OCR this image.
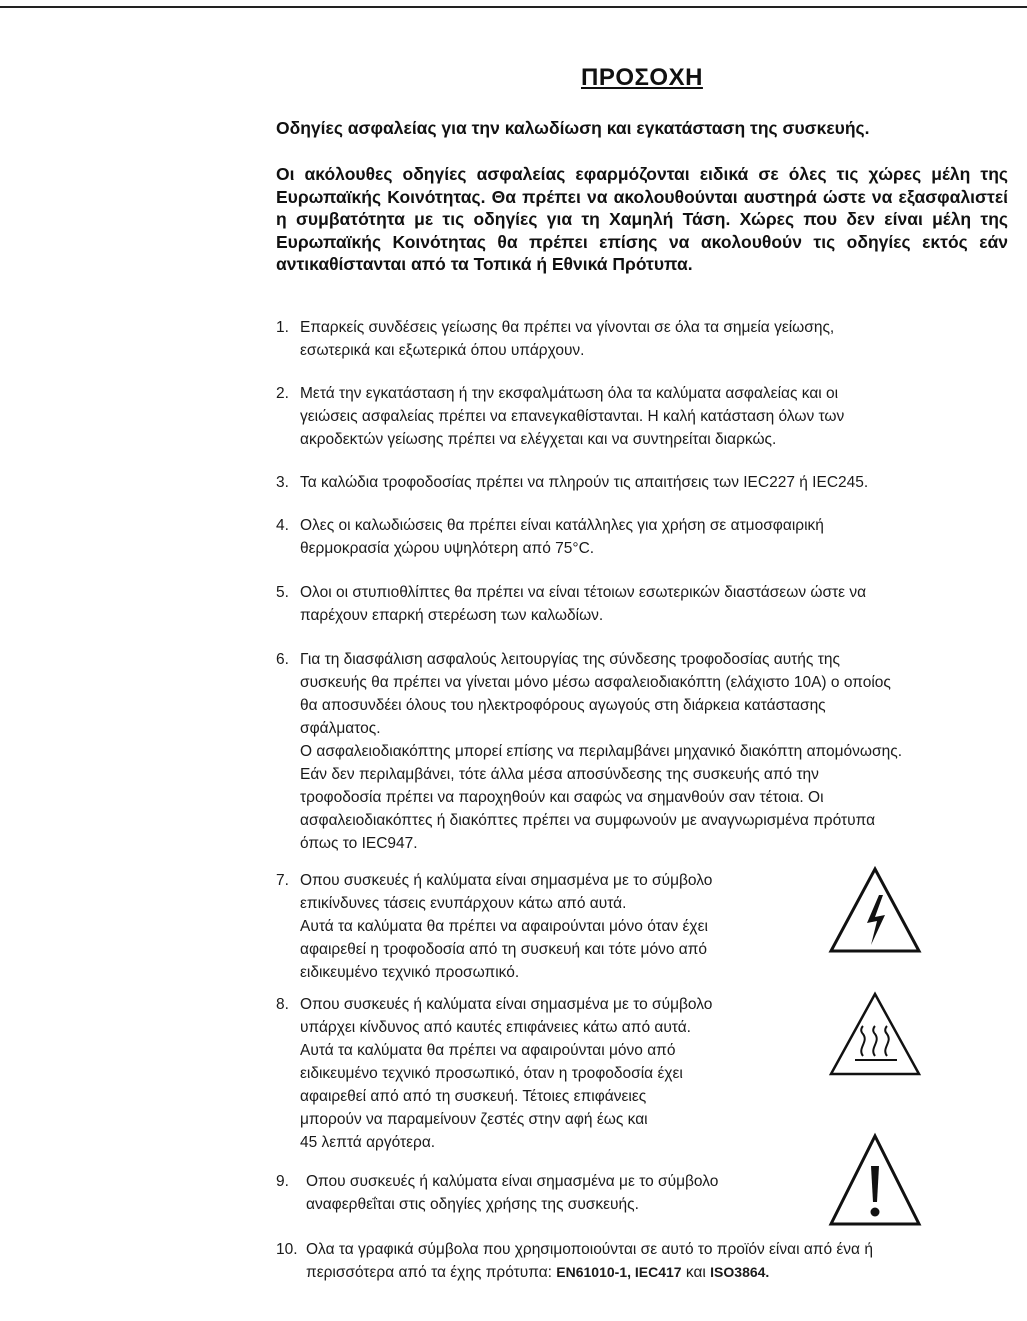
ΠΡΟΣΟΧΗ
Οδηγίες ασφαλείας για την καλωδίωση και εγκατάσταση της συσκευής.
Οι ακόλουθες οδηγίες ασφαλείας εφαρμόζονται ειδικά σε όλες τις χώρες μέλη της Ευρωπαϊκής Κοινότητας. Θα πρέπει να ακολουθούνται αυστηρά ώστε να εξασφαλιστεί η συμβατότητα με τις οδηγίες για τη Χαμηλή Τάση. Χώρες που δεν είναι μέλη της Ευρωπαϊκής Κοινότητας θα πρέπει επίσης να ακολουθούν τις οδηγίες εκτός εάν αντικαθίστανται από τα Τοπικά ή Εθνικά Πρότυπα.
1. Επαρκείς συνδέσεις γείωσης θα πρέπει να γίνονται σε όλα τα σημεία γείωσης,
εσωτερικά και εξωτερικά όπου υπάρχουν.
2. Μετά την εγκατάσταση ή την εκσφαλμάτωση όλα τα καλύματα ασφαλείας και οι
γειώσεις ασφαλείας πρέπει να επανεγκαθίστανται. Η καλή κατάσταση όλων των
ακροδεκτών γείωσης πρέπει να ελέγχεται και να συντηρείται διαρκώς.
3. Τα καλώδια τροφοδοσίας πρέπει να πληρούν τις απαιτήσεις των IEC227 ή IEC245.
4. Ολες οι καλωδιώσεις θα πρέπει είναι κατάλληλες για χρήση σε ατμοσφαιρική
θερμοκρασία χώρου υψηλότερη από 75°C.
5. Ολοι οι στυπιοθλίπτες θα πρέπει να είναι τέτοιων εσωτερικών διαστάσεων ώστε να
παρέχουν επαρκή στερέωση των καλωδίων.
6. Για τη διασφάλιση ασφαλούς λειτουργίας της σύνδεσης τροφοδοσίας αυτής της
συσκευής θα πρέπει να γίνεται μόνο μέσω ασφαλειοδιακόπτη (ελάχιστο 10A) ο οποίος
θα αποσυνδέει όλους του ηλεκτροφόρους αγωγούς στη διάρκεια κατάστασης
σφάλματος.
Ο ασφαλειοδιακόπτης μπορεί επίσης να περιλαμβάνει μηχανικό διακόπτη απομόνωσης.
Εάν δεν περιλαμβάνει, τότε άλλα μέσα αποσύνδεσης της συσκευής από την
τροφοδοσία πρέπει να παροχηθούν και σαφώς να σημανθούν σαν τέτοια. Οι
ασφαλειοδιακόπτες ή διακόπτες πρέπει να συμφωνούν με αναγνωρισμένα πρότυπα
όπως το IEC947.
7. Οπου συσκευές ή καλύματα είναι σημασμένα με το σύμβολο
επικίνδυνες τάσεις ενυπάρχουν κάτω από αυτά.
Αυτά τα καλύματα θα πρέπει να αφαιρούνται μόνο όταν έχει
αφαιρεθεί η τροφοδοσία από τη συσκευή και τότε μόνο από
ειδικευμένο τεχνικό προσωπικό.
8. Οπου συσκευές ή καλύματα είναι σημασμένα με το σύμβολο
υπάρχει κίνδυνος από καυτές επιφάνειες κάτω από αυτά.
Αυτά τα καλύματα θα πρέπει να αφαιρούνται μόνο από
ειδικευμένο τεχνικό προσωπικό, όταν η τροφοδοσία έχει
αφαιρεθεί από από τη συσκευή. Τέτοιες επιφάνειες
μπορούν να παραμείνουν ζεστές στην αφή έως και
45 λεπτά αργότερα.
9.	Οπου συσκευές ή καλύματα είναι σημασμένα με το σύμβολο
αναφερθεΐται στις οδηγίες χρήσης της συσκευής.
10. Ολα τα γραφικά σύμβολα που χρησιμοποιούνται σε αυτό το προϊόν είναι από ένα ή
περισσότερα από τα έχης πρότυπα: EN61010-1, IEC417 και ISO3864.
